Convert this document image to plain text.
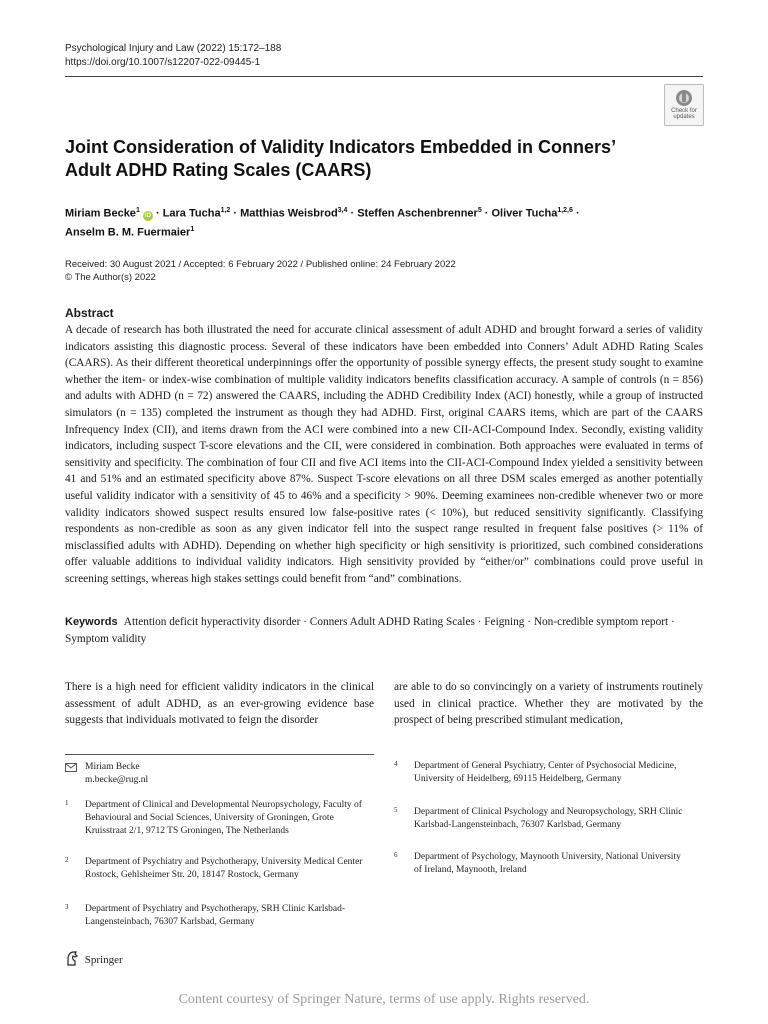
Psychological Injury and Law (2022) 15:172–188
https://doi.org/10.1007/s12207-022-09445-1
Check for
updates
Joint Consideration of Validity Indicators Embedded in Conners’ Adult ADHD Rating Scales (CAARS)
Miriam Becke$^1$ iD · Lara Tucha$^{1,2}$ · Matthias Weisbrod$^{3,4}$ · Steffen Aschenbrenner$^5$ · Oliver Tucha$^{1,2,6}$ ·
Anselm B. M. Fuermaier$^1$
Received: 30 August 2021 / Accepted: 6 February 2022 / Published online: 24 February 2022
© The Author(s) 2022
Abstract
A decade of research has both illustrated the need for accurate clinical assessment of adult ADHD and brought forward a series of validity indicators assisting this diagnostic process. Several of these indicators have been embedded into Conners’ Adult ADHD Rating Scales (CAARS). As their different theoretical underpinnings offer the opportunity of possible synergy effects, the present study sought to examine whether the item- or index-wise combination of multiple validity indicators benefits classification accuracy. A sample of controls (n = 856) and adults with ADHD (n = 72) answered the CAARS, including the ADHD Credibility Index (ACI) honestly, while a group of instructed simulators (n = 135) completed the instrument as though they had ADHD. First, original CAARS items, which are part of the CAARS Infrequency Index (CII), and items drawn from the ACI were combined into a new CII-ACI-Compound Index. Secondly, existing validity indicators, including suspect T-score elevations and the CII, were considered in combination. Both approaches were evaluated in terms of sensitivity and specificity. The combination of four CII and five ACI items into the CII-ACI-Compound Index yielded a sensitivity between 41 and 51% and an estimated specificity above 87%. Suspect T-score elevations on all three DSM scales emerged as another potentially useful validity indicator with a sensitivity of 45 to 46% and a specificity > 90%. Deeming examinees non-credible whenever two or more validity indicators showed suspect results ensured low false-positive rates (< 10%), but reduced sensitivity significantly. Classifying respondents as non-credible as soon as any given indicator fell into the suspect range resulted in frequent false positives (> 11% of misclassified adults with ADHD). Depending on whether high specificity or high sensitivity is prioritized, such combined considerations offer valuable additions to individual validity indicators. High sensitivity provided by “either/or” combinations could prove useful in screening settings, whereas high stakes settings could benefit from “and” combinations.
Keywords Attention deficit hyperactivity disorder · Conners Adult ADHD Rating Scales · Feigning · Non-credible symptom report · Symptom validity
There is a high need for efficient validity indicators in the clinical assessment of adult ADHD, as an ever-growing evidence base suggests that individuals motivated to feign the disorder
are able to do so convincingly on a variety of instruments routinely used in clinical practice. Whether they are motivated by the prospect of being prescribed stimulant medication,
Miriam Becke
m.becke@rug.nl
1 Department of Clinical and Developmental Neuropsychology, Faculty of Behavioural and Social Sciences, University of Groningen, Grote Kruisstraat 2/1, 9712 TS Groningen, The Netherlands
2 Department of Psychiatry and Psychotherapy, University Medical Center Rostock, Gehlsheimer Str. 20, 18147 Rostock, Germany
3 Department of Psychiatry and Psychotherapy, SRH Clinic Karlsbad-Langensteinbach, 76307 Karlsbad, Germany
4 Department of General Psychiatry, Center of Psychosocial Medicine, University of Heidelberg, 69115 Heidelberg, Germany
5 Department of Clinical Psychology and Neuropsychology, SRH Clinic Karlsbad-Langensteinbach, 76307 Karlsbad, Germany
6 Department of Psychology, Maynooth University, National University of Ireland, Maynooth, Ireland
Springer
Content courtesy of Springer Nature, terms of use apply. Rights reserved.
